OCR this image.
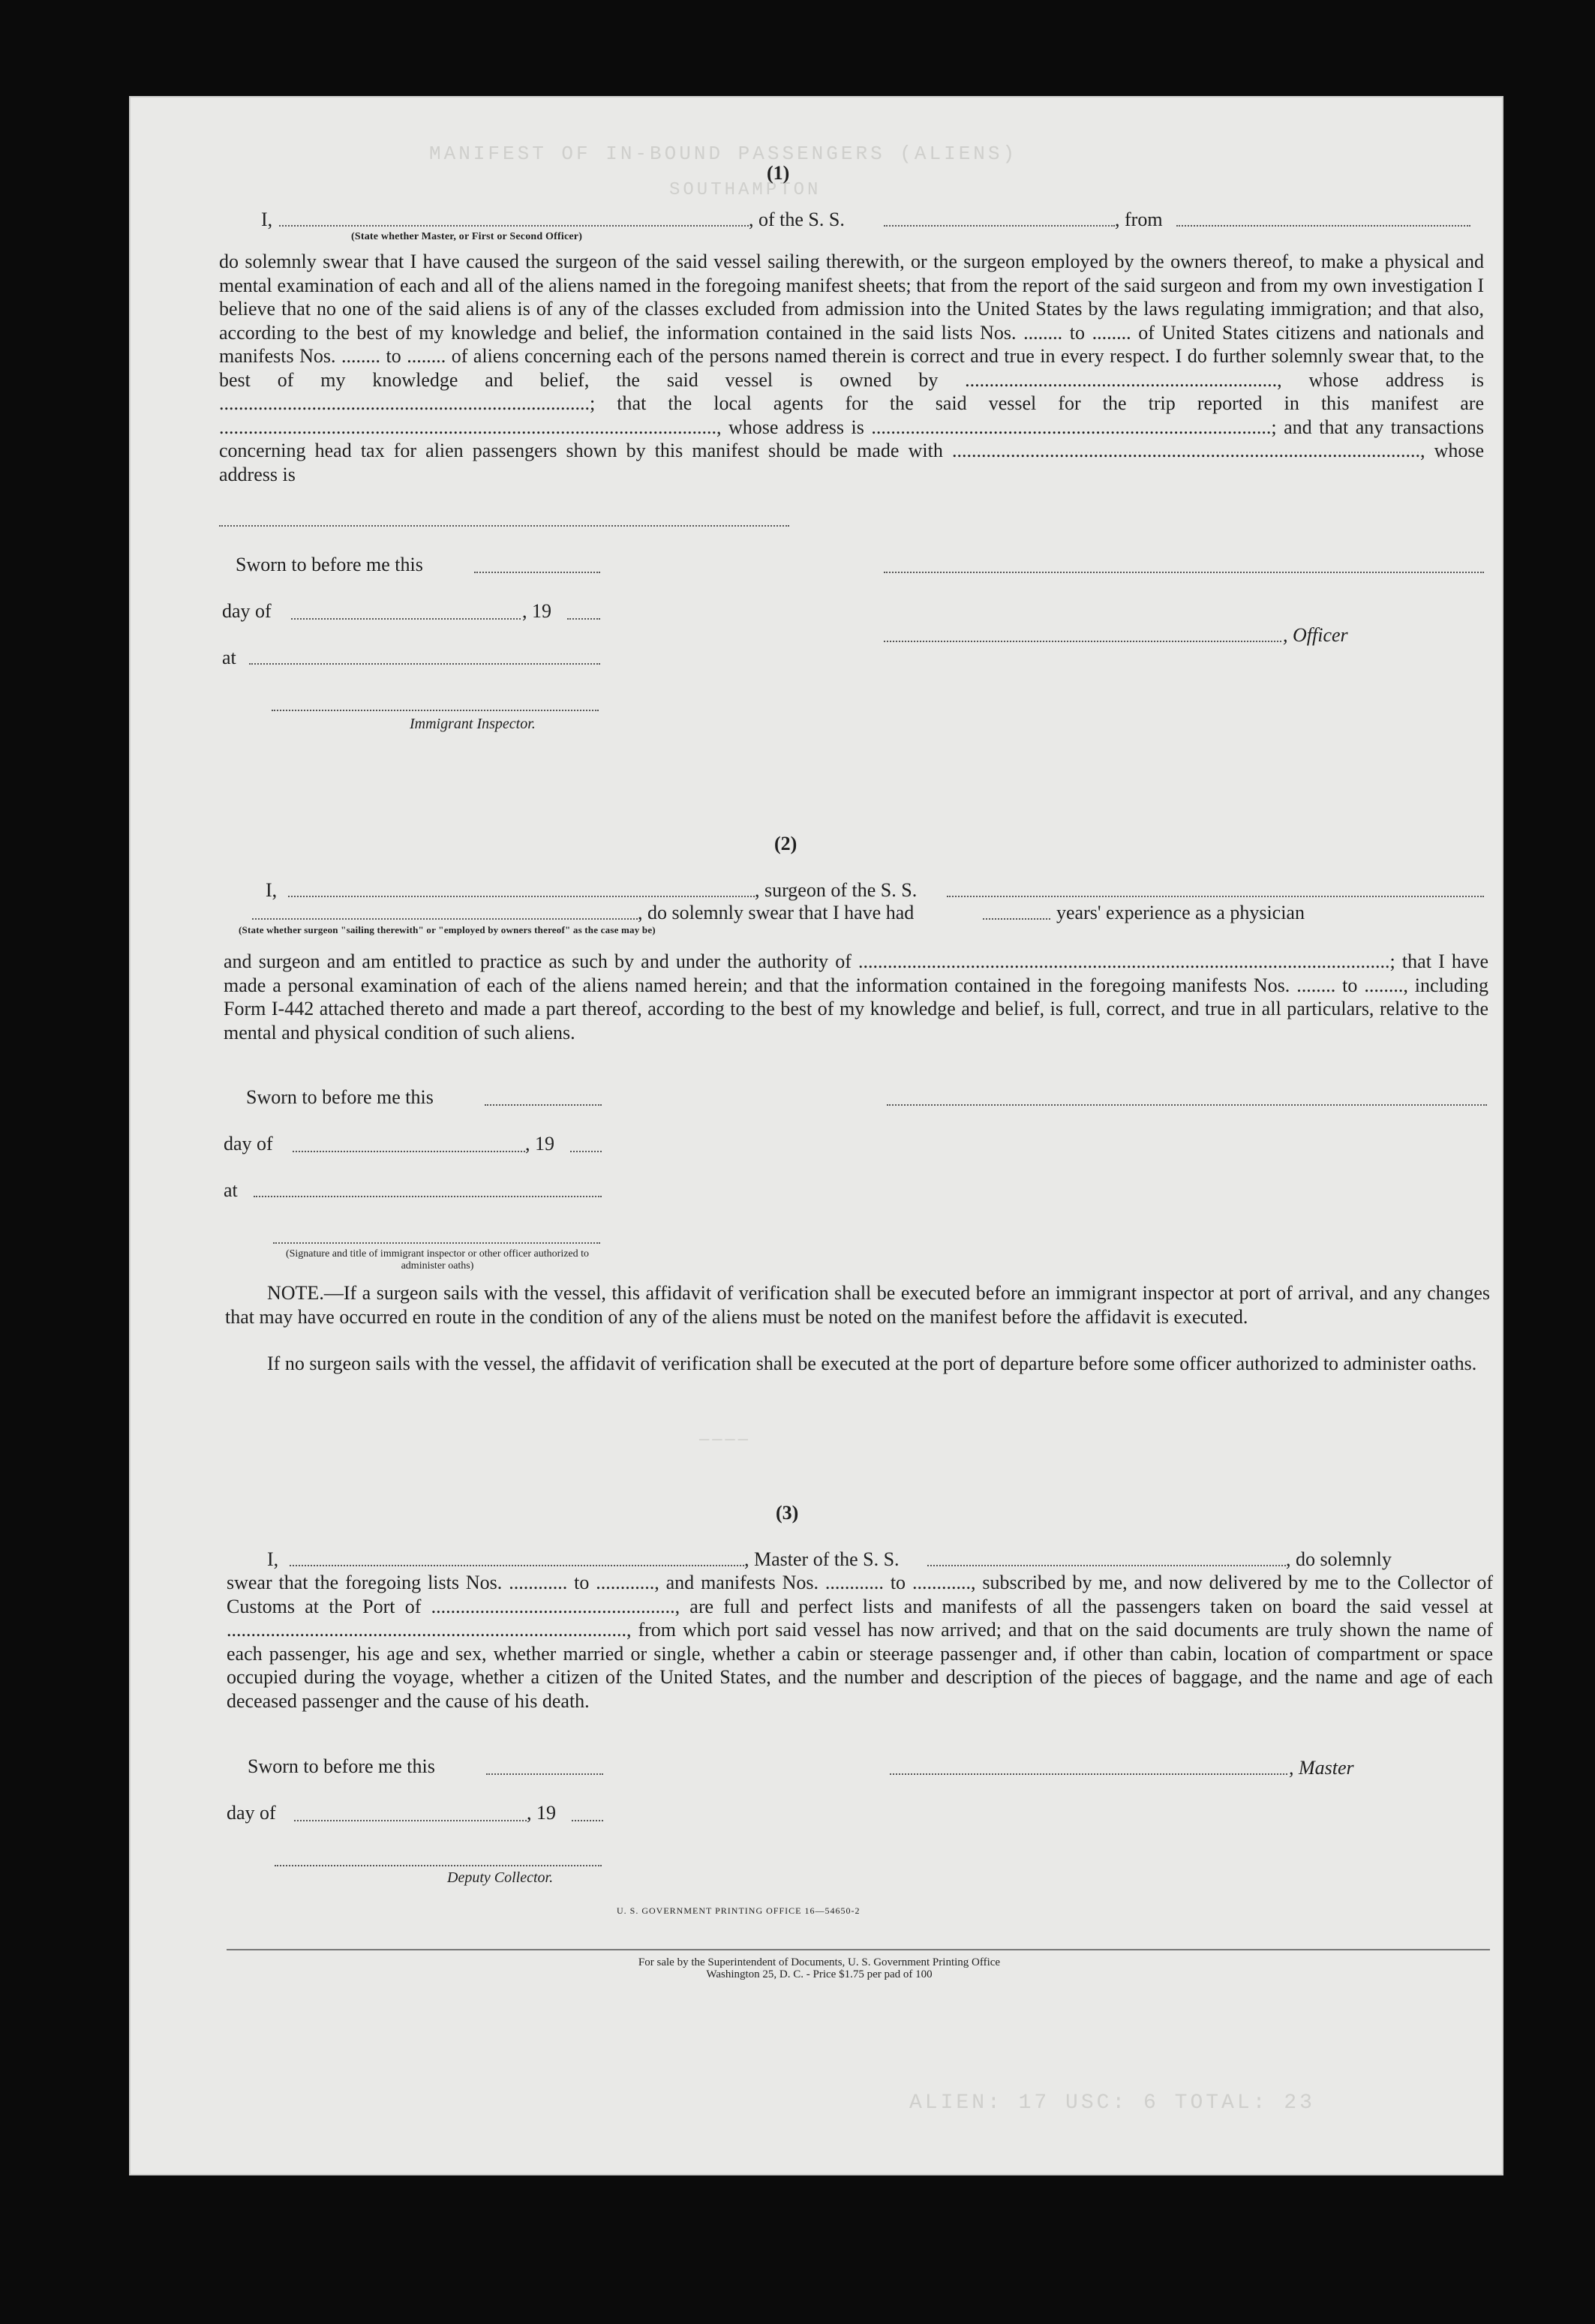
MANIFEST OF IN-BOUND PASSENGERS (ALIENS)
SOUTHAMPTON
(1)
I,	, of the S. S.	, from
(State whether Master, or First or Second Officer)
do solemnly swear that I have caused the surgeon of the said vessel sailing therewith, or the surgeon employed by the owners thereof, to make a physical and mental examination of each and all of the aliens named in the foregoing manifest sheets; that from the report of the said surgeon and from my own investigation I believe that no one of the said aliens is of any of the classes excluded from admission into the United States by the laws regulating immigration; and that also, according to the best of my knowledge and belief, the information contained in the said lists Nos. ........ to ........ of United States citizens and nationals and manifests Nos. ........ to ........ of aliens concerning each of the persons named therein is correct and true in every respect. I do further solemnly swear that, to the best of my knowledge and belief, the said vessel is owned by ................................................................, whose address is ............................................................................; that the local agents for the said vessel for the trip reported in this manifest are ......................................................................................................, whose address is ..................................................................................; and that any transactions concerning head tax for alien passengers shown by this manifest should be made with ................................................................................................, whose address is
Sworn to before me this
day of	, 19
at
, Officer
Immigrant Inspector.
(2)
I,	, surgeon of the S. S.
, do solemnly swear that I have had	years' experience as a physician
(State whether surgeon "sailing therewith" or "employed by owners thereof" as the case may be)
and surgeon and am entitled to practice as such by and under the authority of .............................................................................................................; that I have made a personal examination of each of the aliens named herein; and that the information contained in the foregoing manifests Nos. ........ to ........, including Form I-442 attached thereto and made a part thereof, according to the best of my knowledge and belief, is full, correct, and true in all particulars, relative to the mental and physical condition of such aliens.
Sworn to before me this
day of	, 19
at
(Signature and title of immigrant inspector or other officer authorized to administer oaths)
NOTE.—If a surgeon sails with the vessel, this affidavit of verification shall be executed before an immigrant inspector at port of arrival, and any changes that may have occurred en route in the condition of any of the aliens must be noted on the manifest before the affidavit is executed.
If no surgeon sails with the vessel, the affidavit of verification shall be executed at the port of departure before some officer authorized to administer oaths.
────
(3)
I,	, Master of the S. S.	, do solemnly
swear that the foregoing lists Nos. ............ to ............, and manifests Nos. ............ to ............, subscribed by me, and now delivered by me to the Collector of Customs at the Port of .................................................., are full and perfect lists and manifests of all the passengers taken on board the said vessel at .................................................................................., from which port said vessel has now arrived; and that on the said documents are truly shown the name of each passenger, his age and sex, whether married or single, whether a cabin or steerage passenger and, if other than cabin, location of compartment or space occupied during the voyage, whether a citizen of the United States, and the number and description of the pieces of baggage, and the name and age of each deceased passenger and the cause of his death.
Sworn to before me this	, Master
day of	, 19
Deputy Collector.
U. S. GOVERNMENT PRINTING OFFICE 16—54650-2
For sale by the Superintendent of Documents, U. S. Government Printing Office
Washington 25, D. C. - Price $1.75 per pad of 100
ALIEN: 17 USC: 6 TOTAL: 23
